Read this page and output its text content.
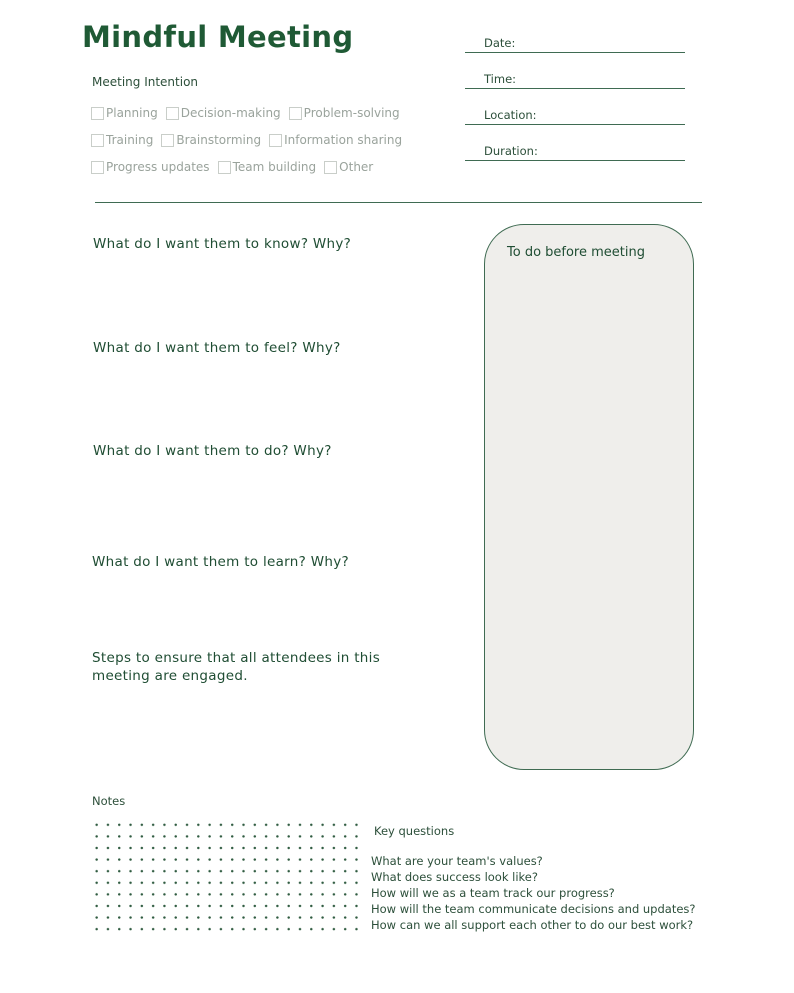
Mindful Meeting	Date:
Time:
Location:
Duration:
Meeting Intention
Planning Decision-making Problem-solving
Training Brainstorming Information sharing
Progress updates Team building Other
What do I want them to know? Why?
What do I want them to feel? Why?
What do I want them to do? Why?
What do I want them to learn? Why?
Steps to ensure that all attendees in this
meeting are engaged.
To do before meeting
Notes
Key questions
What are your team's values?
What does success look like?
How will we as a team track our progress?
How will the team communicate decisions and updates?
How can we all support each other to do our best work?
